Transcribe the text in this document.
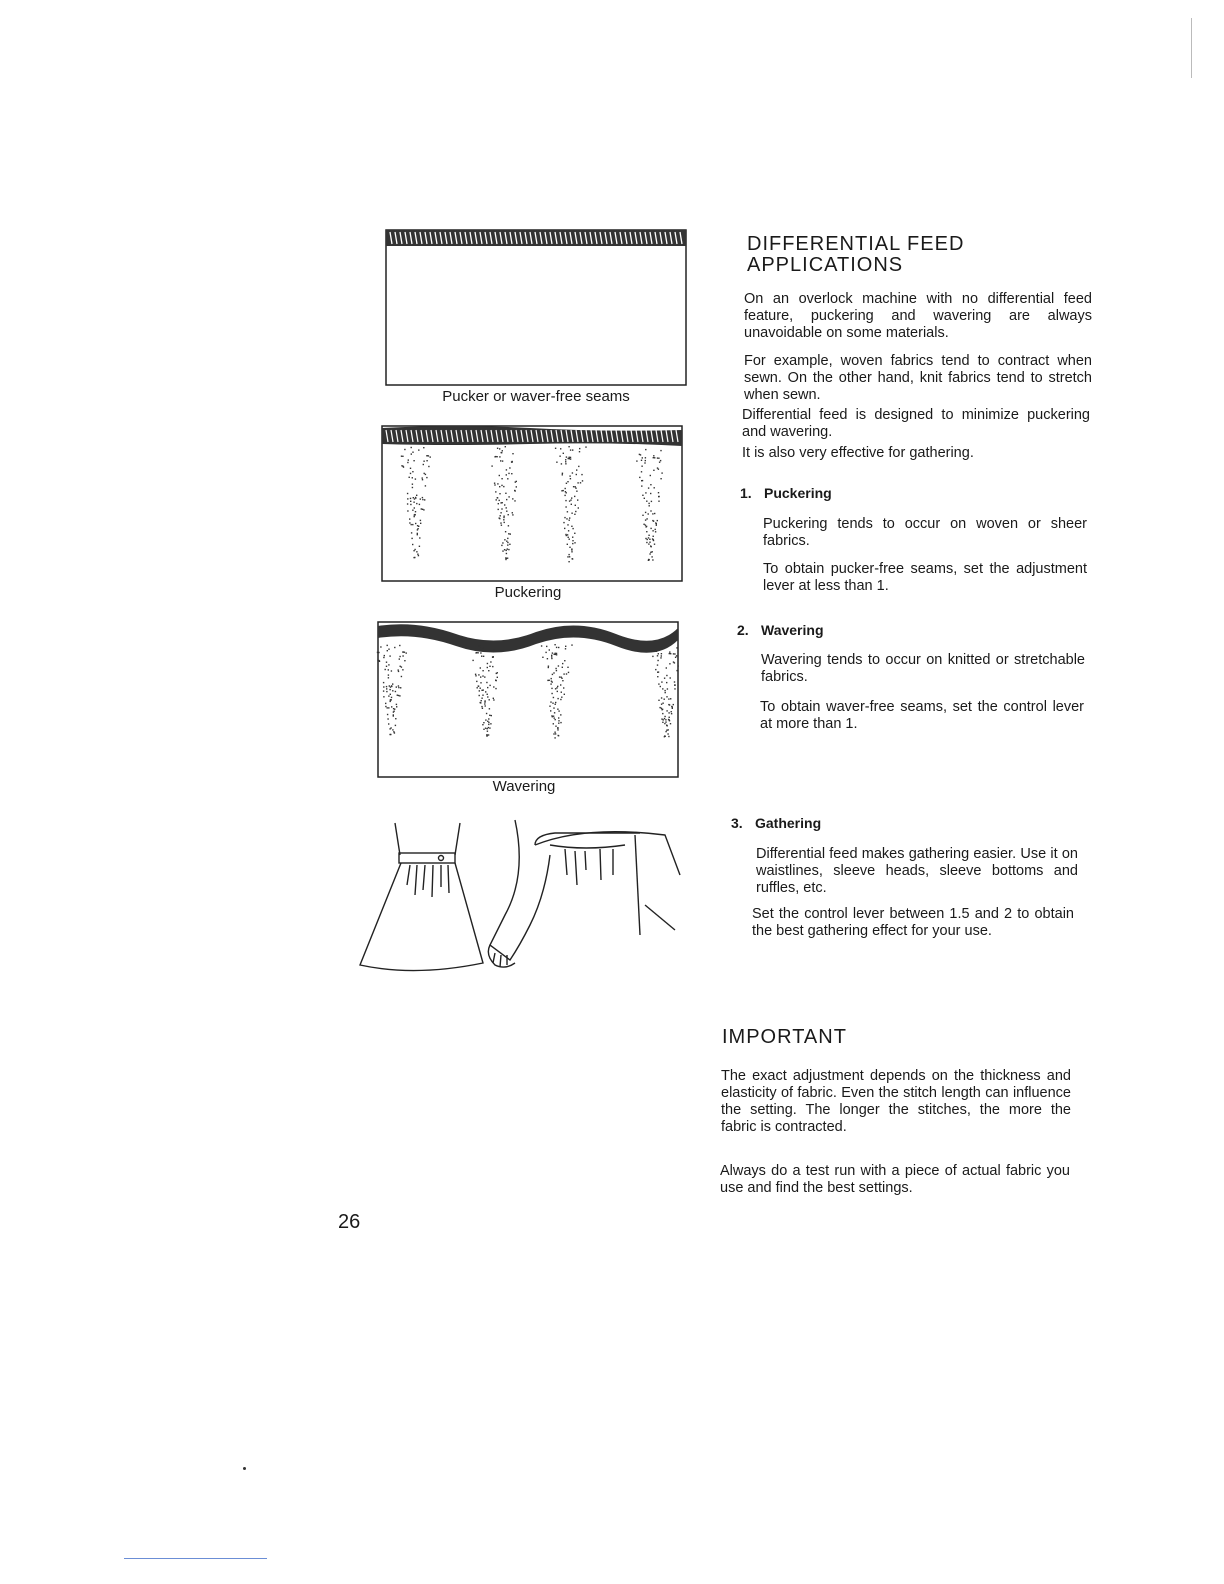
Pucker or waver-free seams
Puckering
Wavering
DIFFERENTIAL FEED
APPLICATIONS

On an overlock machine with no differential feed feature, puckering and wavering are always unavoidable on some materials.

For example, woven fabrics tend to contract when sewn. On the other hand, knit fabrics tend to stretch when sewn.

Differential feed is designed to minimize puckering and wavering.

It is also very effective for gathering.

1. Puckering

Puckering tends to occur on woven or sheer fabrics.

To obtain pucker-free seams, set the adjustment lever at less than 1.

2. Wavering

Wavering tends to occur on knitted or stretchable fabrics.

To obtain waver-free seams, set the control lever at more than 1.

3. Gathering

Differential feed makes gathering easier. Use it on waistlines, sleeve heads, sleeve bottoms and ruffles, etc.

Set the control lever between 1.5 and 2 to obtain the best gathering effect for your use.

IMPORTANT

The exact adjustment depends on the thickness and elasticity of fabric. Even the stitch length can influence the setting. The longer the stitches, the more the fabric is contracted.

Always do a test run with a piece of actual fabric you use and find the best settings.

26
